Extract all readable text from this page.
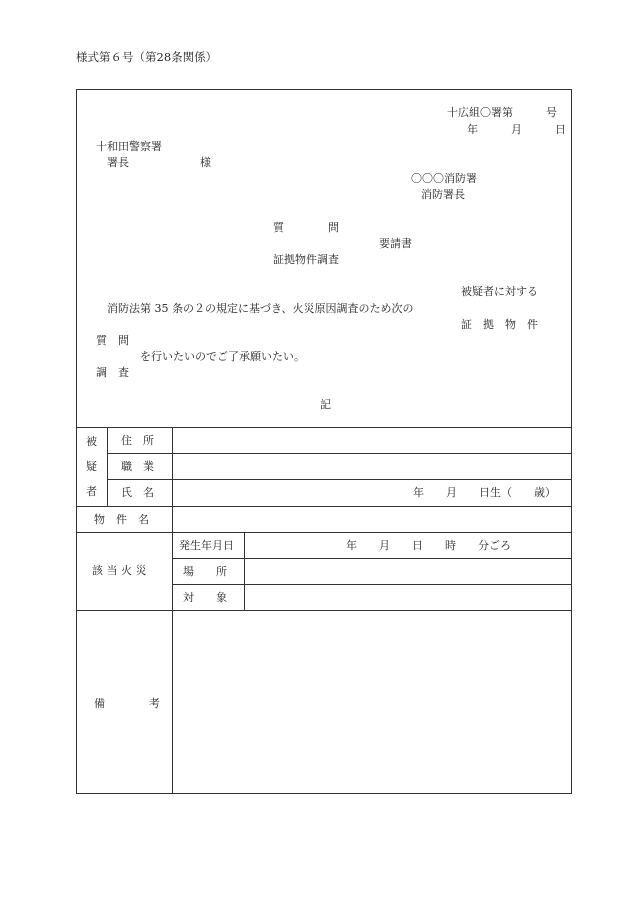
様式第６号（第28条関係）
十広組〇署第　　　号
年　　　月　　　日
十和田警察署
署長	様
〇〇〇消防署
消防署長
質　　　　問
要請書
証拠物件調査
被疑者に対する
消防法第 35 条の２の規定に基づき、火災原因調査のため次の
証　拠　物　件
質　問
を行いたいのでご了承願いたい。
調　査
記
被
疑
者
住　所
職　業
氏　名	年　　月　　日生（　　歳）
物　件　名
該 当 火 災
発生年月日	年　　月　　日　　時　　分ごろ
場　　所
対　　象
備　　　　考
